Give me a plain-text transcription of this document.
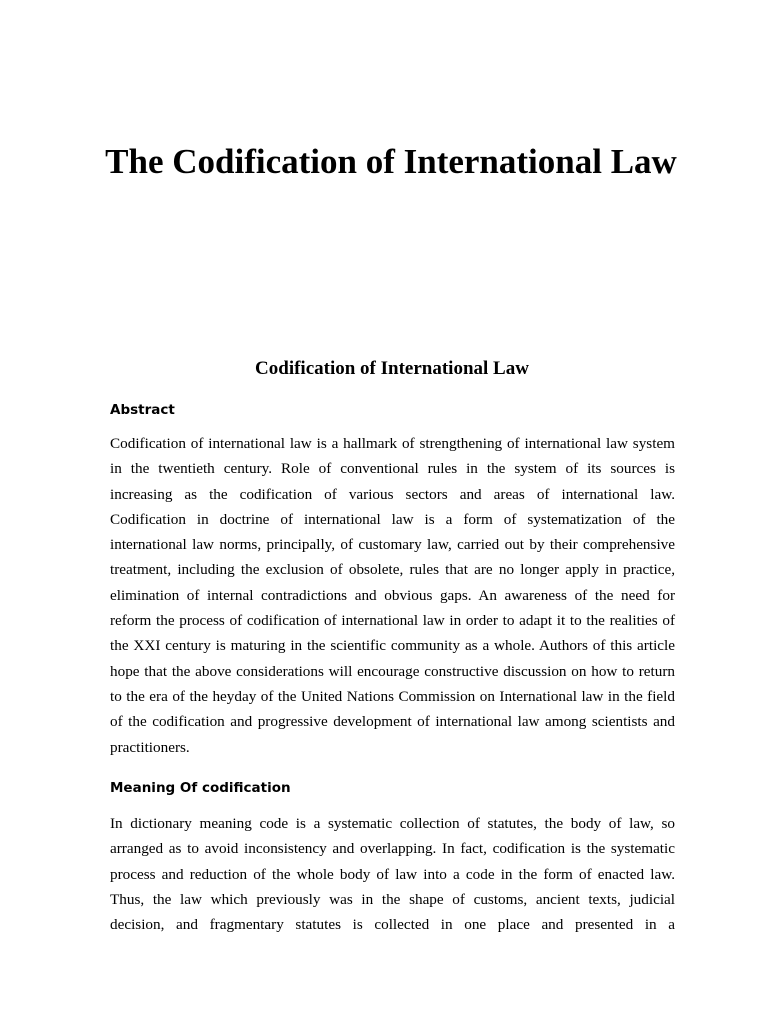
The Codification of International Law
Codification of International Law
Abstract
Codification of international law is a hallmark of strengthening of international law system
in the twentieth century. Role of conventional rules in the system of its sources is
increasing as the codification of various sectors and areas of international law.
Codification in doctrine of international law is a form of systematization of the
international law norms, principally, of customary law, carried out by their comprehensive
treatment, including the exclusion of obsolete, rules that are no longer apply in practice,
elimination of internal contradictions and obvious gaps. An awareness of the need for
reform the process of codification of international law in order to adapt it to the realities of
the XXI century is maturing in the scientific community as a whole. Authors of this article
hope that the above considerations will encourage constructive discussion on how to return
to the era of the heyday of the United Nations Commission on International law in the field
of the codification and progressive development of international law among scientists and
practitioners.
Meaning Of codification
In dictionary meaning code is a systematic collection of statutes, the body of law, so
arranged as to avoid inconsistency and overlapping. In fact, codification is the systematic
process and reduction of the whole body of law into a code in the form of enacted law.
Thus, the law which previously was in the shape of customs, ancient texts, judicial
decision, and fragmentary statutes is collected in one place and presented in a
